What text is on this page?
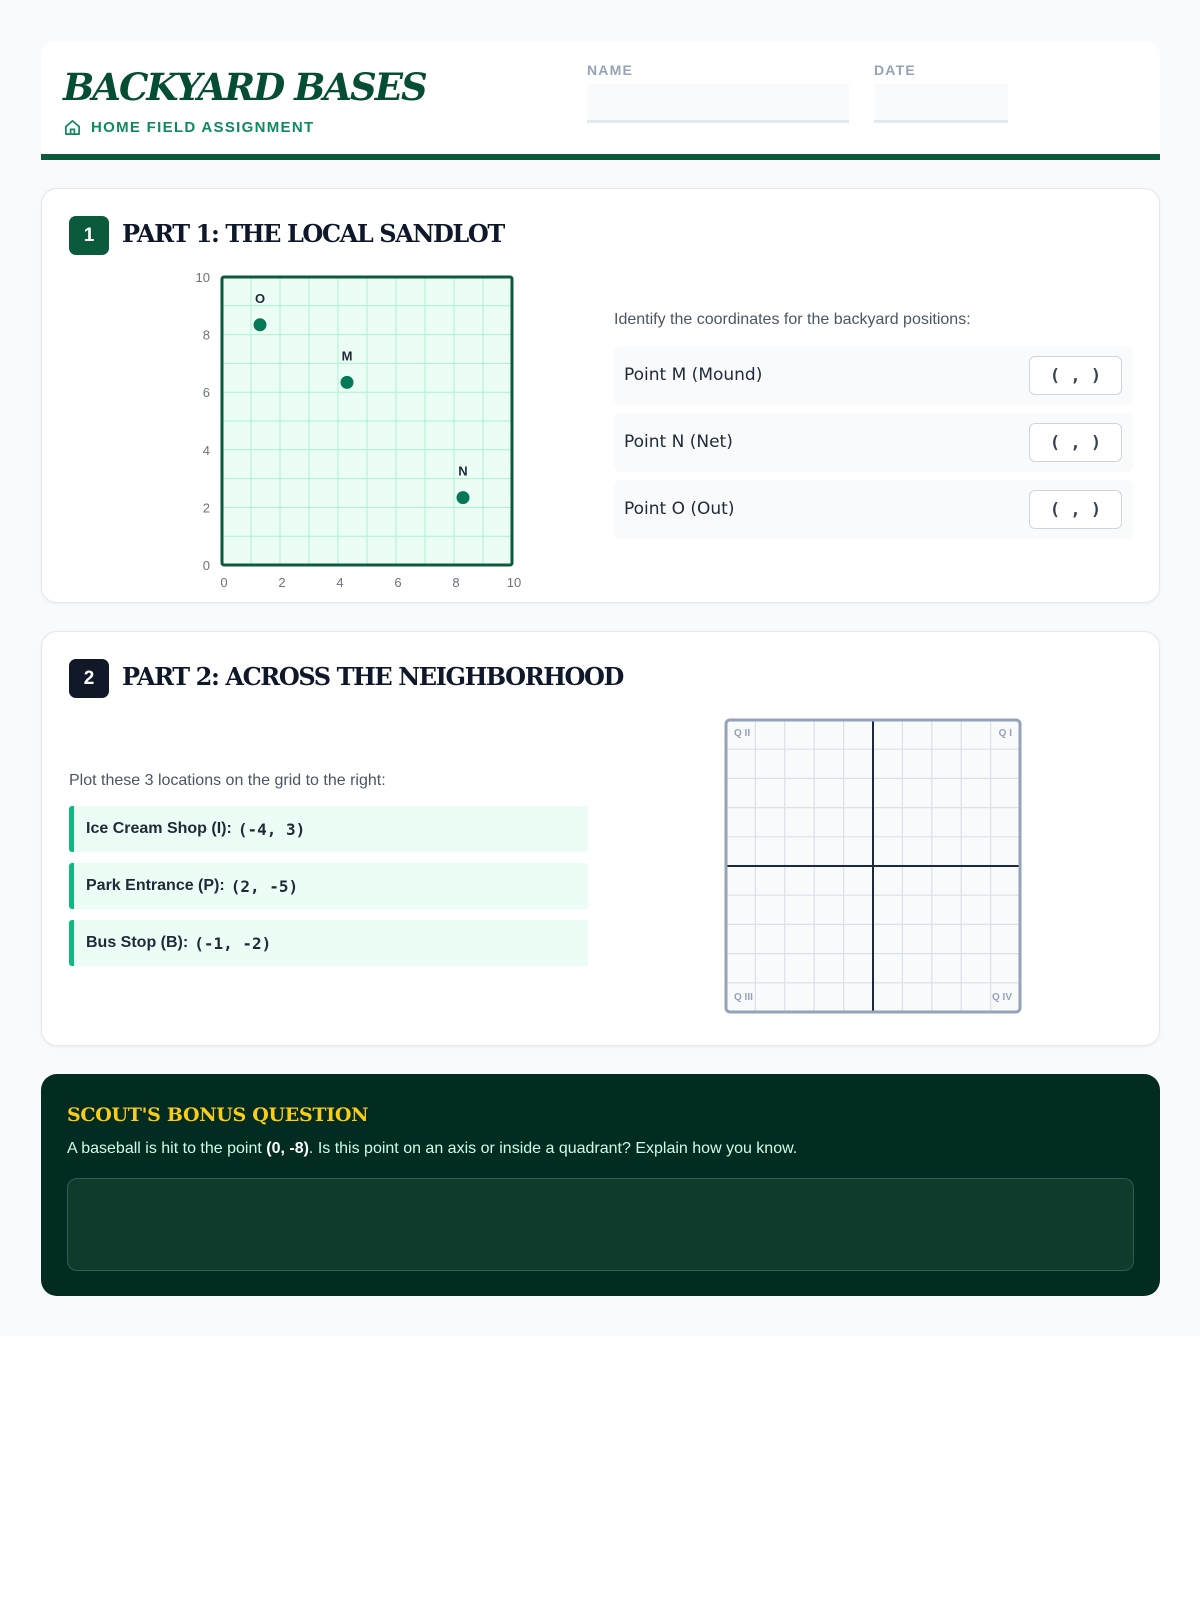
BACKYARD BASES
HOME FIELD ASSIGNMENT
NAME	DATE
1	PART 1: THE LOCAL SANDLOT
0	2	4	6	8	10
0
2
4
6
8
10
O
M
N
Identify the coordinates for the backyard positions:
Point M (Mound)	( , )
Point N (Net)	( , )
Point O (Out)	( , )
2	PART 2: ACROSS THE NEIGHBORHOOD
Plot these 3 locations on the grid to the right:
Ice Cream Shop (I): (-4, 3)
Park Entrance (P): (2, -5)
Bus Stop (B): (-1, -2)
Q II	Q I
Q III	Q IV
SCOUT'S BONUS QUESTION
A baseball is hit to the point (0, -8). Is this point on an axis or inside a quadrant? Explain how you know.
